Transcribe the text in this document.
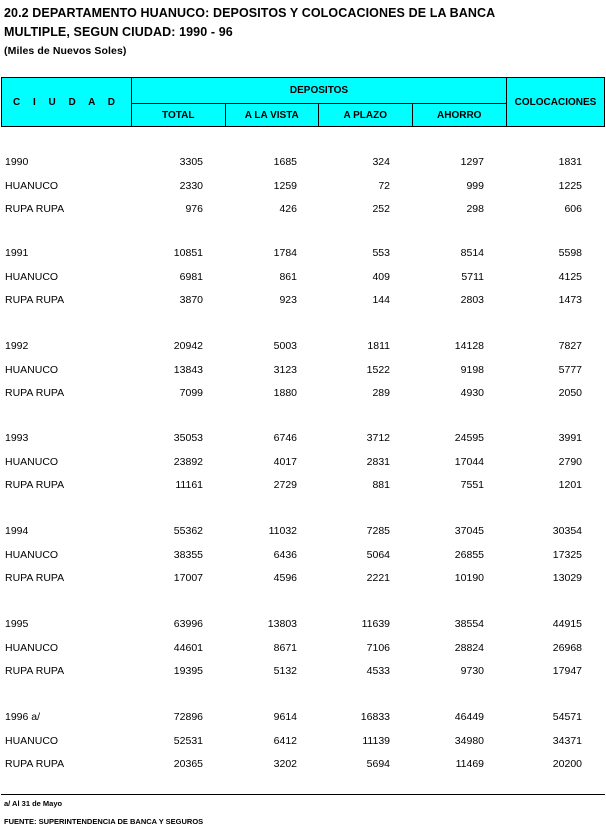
20.2 DEPARTAMENTO HUANUCO: DEPOSITOS Y COLOCACIONES DE LA BANCA
MULTIPLE, SEGUN CIUDAD: 1990 - 96
(Miles de Nuevos Soles)
C I U D A D
DEPOSITOS
COLOCACIONES
TOTAL	A LA VISTA	A PLAZO	AHORRO
1990	3305	1685	324	1297	1831
HUANUCO	2330	1259	72	999	1225
RUPA RUPA	976	426	252	298	606
1991	10851	1784	553	8514	5598
HUANUCO	6981	861	409	5711	4125
RUPA RUPA	3870	923	144	2803	1473
1992	20942	5003	1811	14128	7827
HUANUCO	13843	3123	1522	9198	5777
RUPA RUPA	7099	1880	289	4930	2050
1993	35053	6746	3712	24595	3991
HUANUCO	23892	4017	2831	17044	2790
RUPA RUPA	11161	2729	881	7551	1201
1994	55362	11032	7285	37045	30354
HUANUCO	38355	6436	5064	26855	17325
RUPA RUPA	17007	4596	2221	10190	13029
1995	63996	13803	11639	38554	44915
HUANUCO	44601	8671	7106	28824	26968
RUPA RUPA	19395	5132	4533	9730	17947
1996 a/	72896	9614	16833	46449	54571
HUANUCO	52531	6412	11139	34980	34371
RUPA RUPA	20365	3202	5694	11469	20200
a/ Al 31 de Mayo
FUENTE: SUPERINTENDENCIA DE BANCA Y SEGUROS
